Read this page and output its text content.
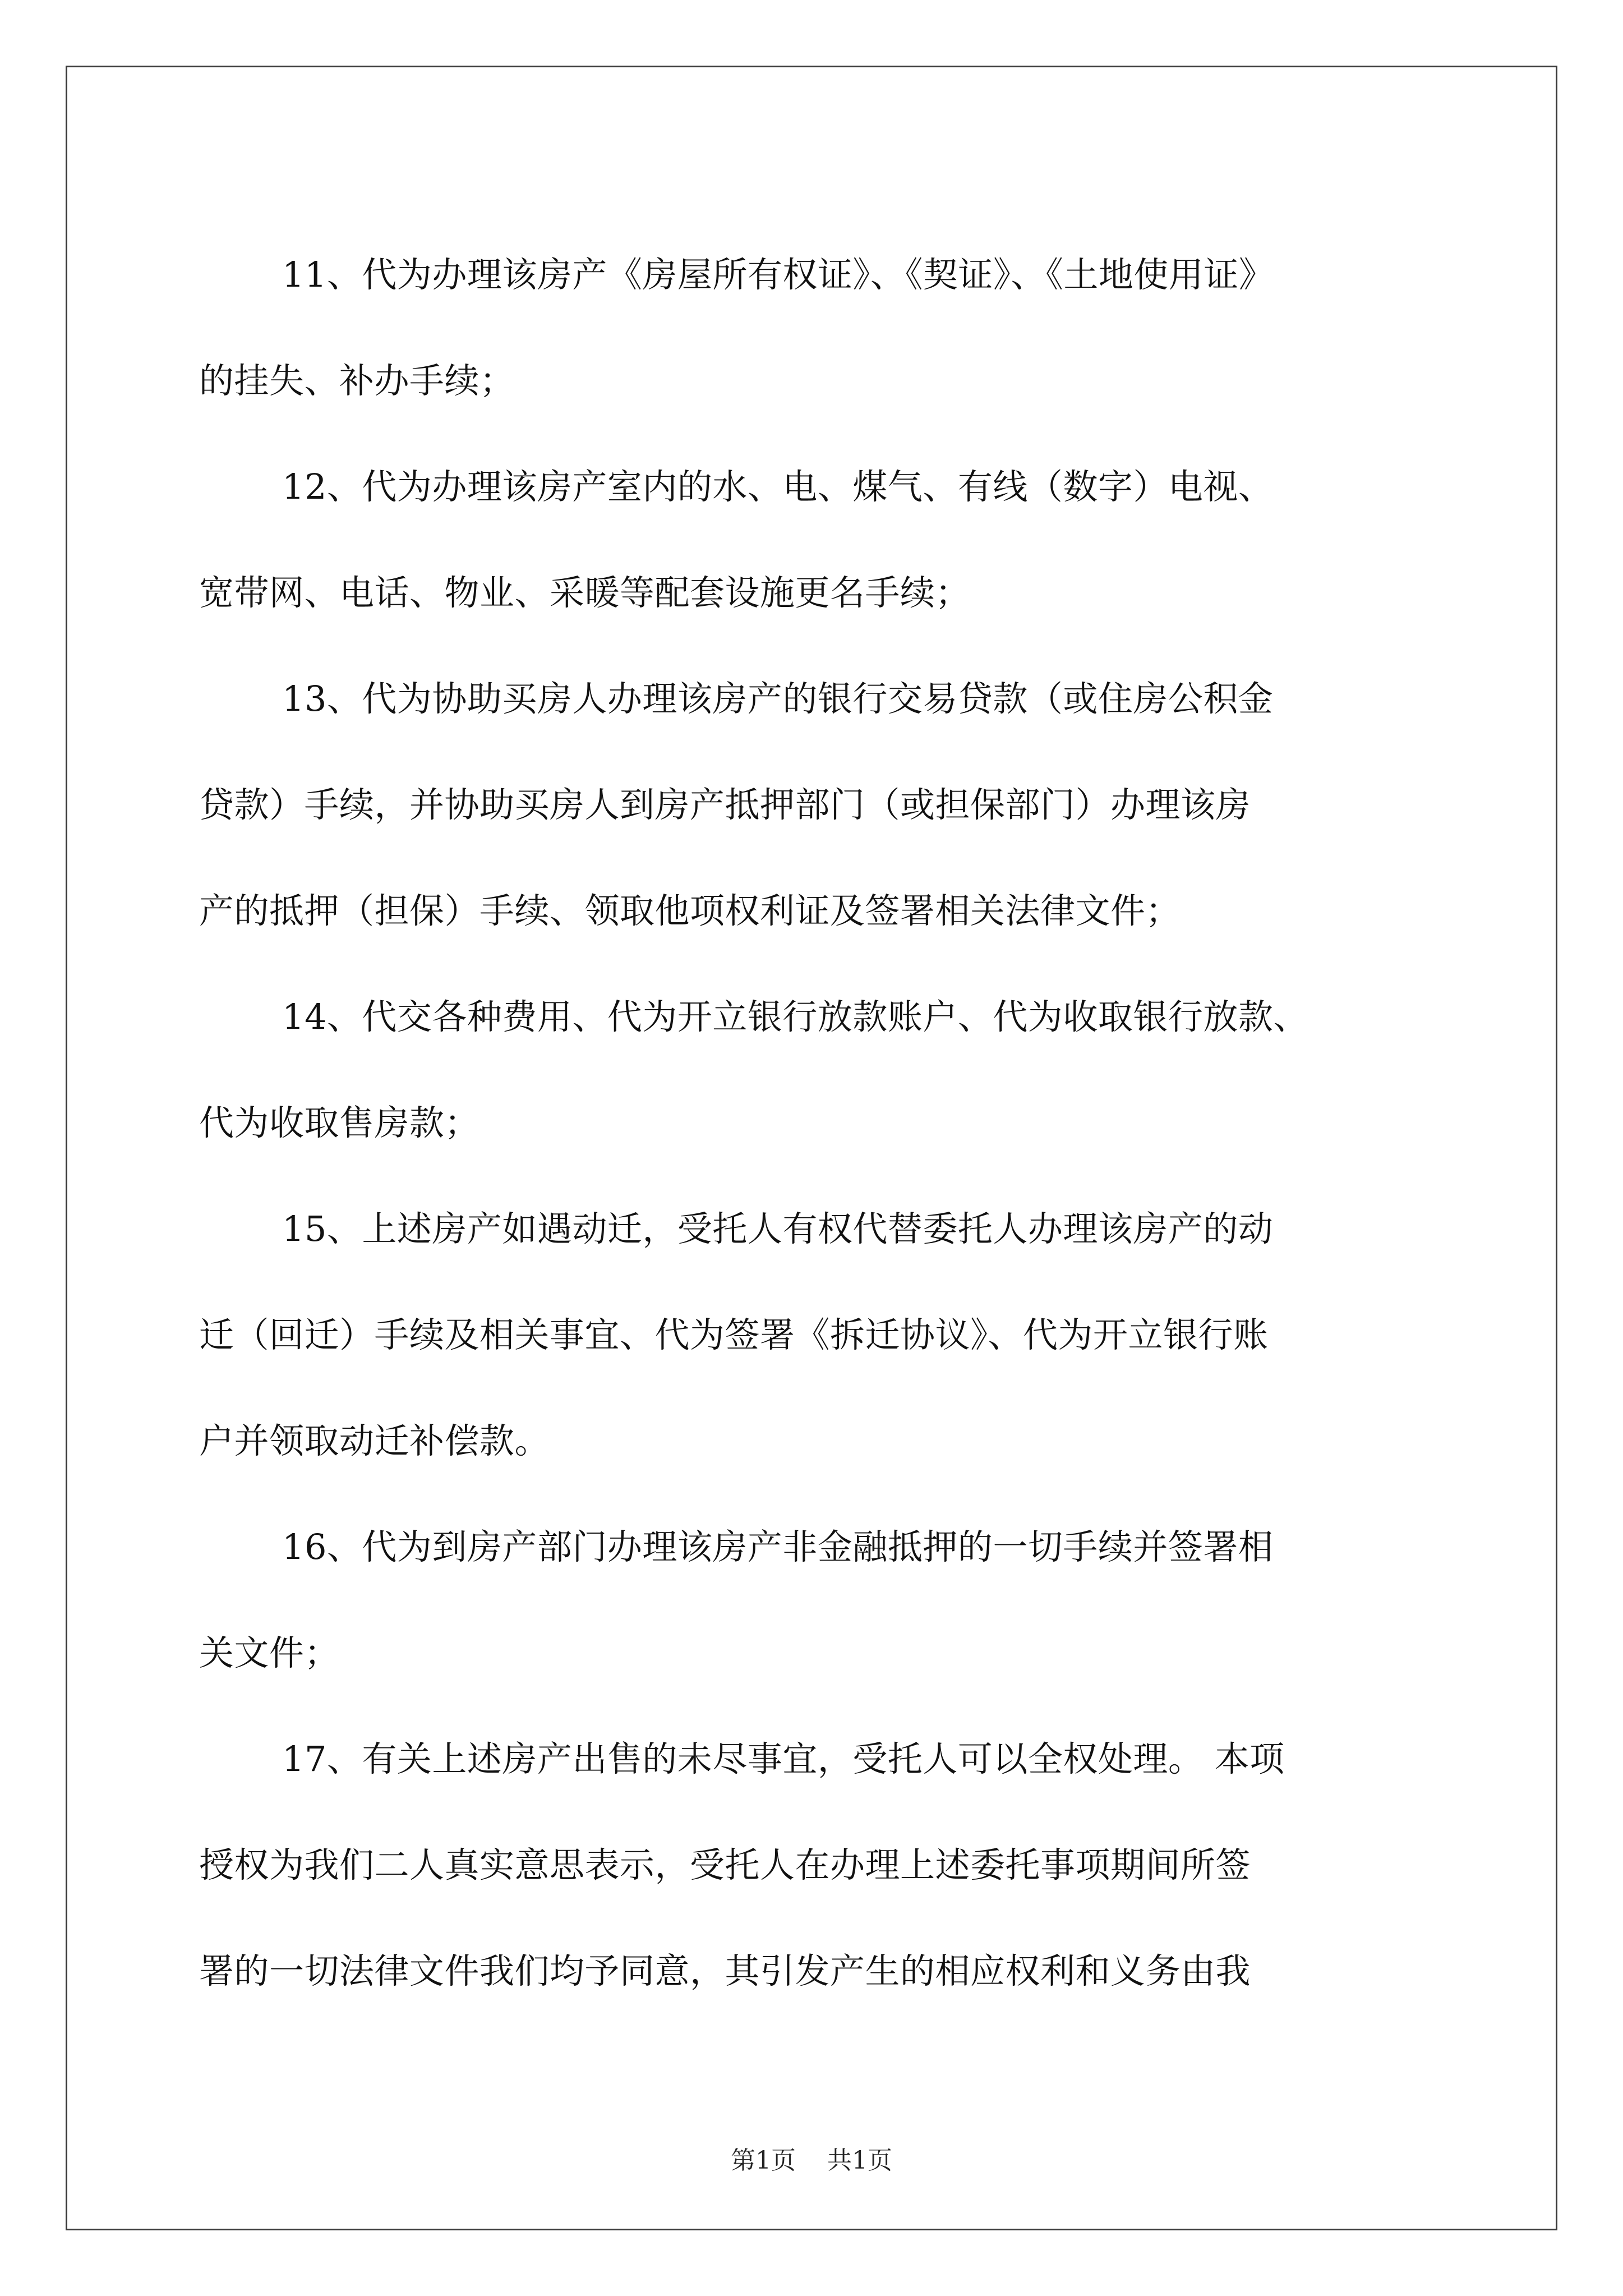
11、代为办理该房产《房屋所有权证》、《契证》、《土地使用证》
的挂失、补办手续；

12、代为办理该房产室内的水、电、煤气、有线（数字）电视、
宽带网、电话、物业、采暖等配套设施更名手续；

13、代为协助买房人办理该房产的银行交易贷款（或住房公积金
贷款）手续，并协助买房人到房产抵押部门（或担保部门）办理该房
产的抵押（担保）手续、领取他项权利证及签署相关法律文件；

14、代交各种费用、代为开立银行放款账户、代为收取银行放款、
代为收取售房款；

15、上述房产如遇动迁，受托人有权代替委托人办理该房产的动
迁（回迁）手续及相关事宜、代为签署《拆迁协议》、代为开立银行账
户并领取动迁补偿款。

16、代为到房产部门办理该房产非金融抵押的一切手续并签署相
关文件；

17、有关上述房产出售的未尽事宜，受托人可以全权处理。 本项
授权为我们二人真实意思表示，受托人在办理上述委托事项期间所签
署的一切法律文件我们均予同意，其引发产生的相应权利和义务由我

第1页 共1页
